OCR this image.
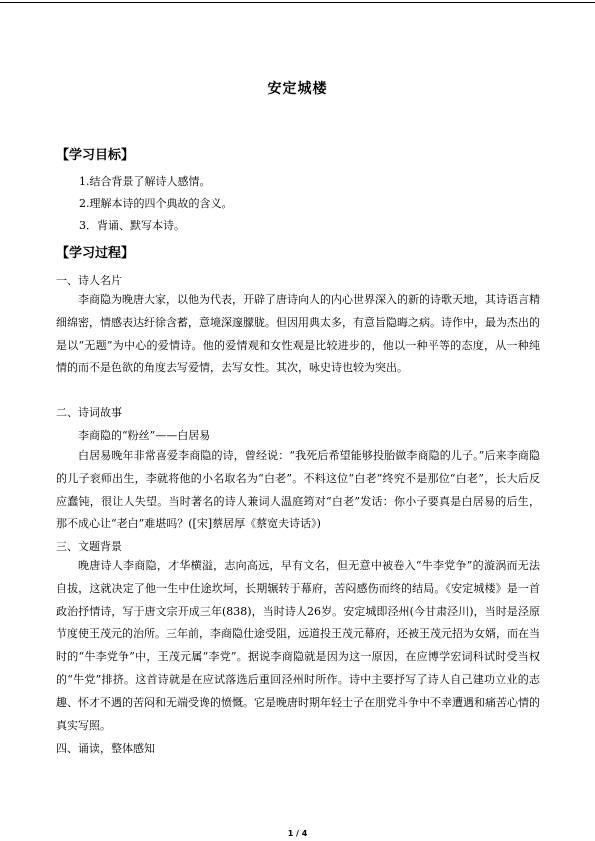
安定城楼
【学习目标】
1.结合背景了解诗人感情。
2.理解本诗的四个典故的含义。
3．背诵、默写本诗。
【学习过程】
一、诗人名片

李商隐为晚唐大家，以他为代表，开辟了唐诗向人的内心世界深入的新的诗歌天地，其诗语言精细绵密，情感表达纡徐含蓄，意境深邃朦胧。但因用典太多，有意旨隐晦之病。诗作中，最为杰出的是以“无题”为中心的爱情诗。他的爱情观和女性观是比较进步的，他以一种平等的态度，从一种纯情的而不是色欲的角度去写爱情，去写女性。其次，咏史诗也较为突出。

二、诗词故事
李商隐的“粉丝”——白居易

白居易晚年非常喜爱李商隐的诗，曾经说：“我死后希望能够投胎做李商隐的儿子。”后来李商隐的儿子衮师出生，李就将他的小名取名为“白老”。不料这位“白老”终究不是那位“白老”，长大后反应蠢钝，很让人失望。当时著名的诗人兼词人温庭筠对“白老”发话：你小子要真是白居易的后生，那不成心让“老白”难堪吗？([宋]蔡居厚《蔡宽夫诗话》)

三、文题背景

晚唐诗人李商隐，才华横溢，志向高远，早有文名，但无意中被卷入“牛李党争”的漩涡而无法自拔，这就决定了他一生中仕途坎坷，长期辗转于幕府，苦闷感伤而终的结局。《安定城楼》是一首政治抒情诗，写于唐文宗开成三年(838)，当时诗人26岁。安定城即泾州(今甘肃泾川)，当时是泾原节度使王茂元的治所。三年前，李商隐仕途受阻，远道投王茂元幕府，还被王茂元招为女婿，而在当时的“牛李党争”中，王茂元属“李党”。据说李商隐就是因为这一原因，在应博学宏词科试时受当权的“牛党”排挤。这首诗就是在应试落选后重回泾州时所作。诗中主要抒写了诗人自己建功立业的志趣、怀才不遇的苦闷和无端受谗的愤慨。它是晚唐时期年轻士子在朋党斗争中不幸遭遇和痛苦心情的真实写照。

四、诵读，整体感知
1 / 4
